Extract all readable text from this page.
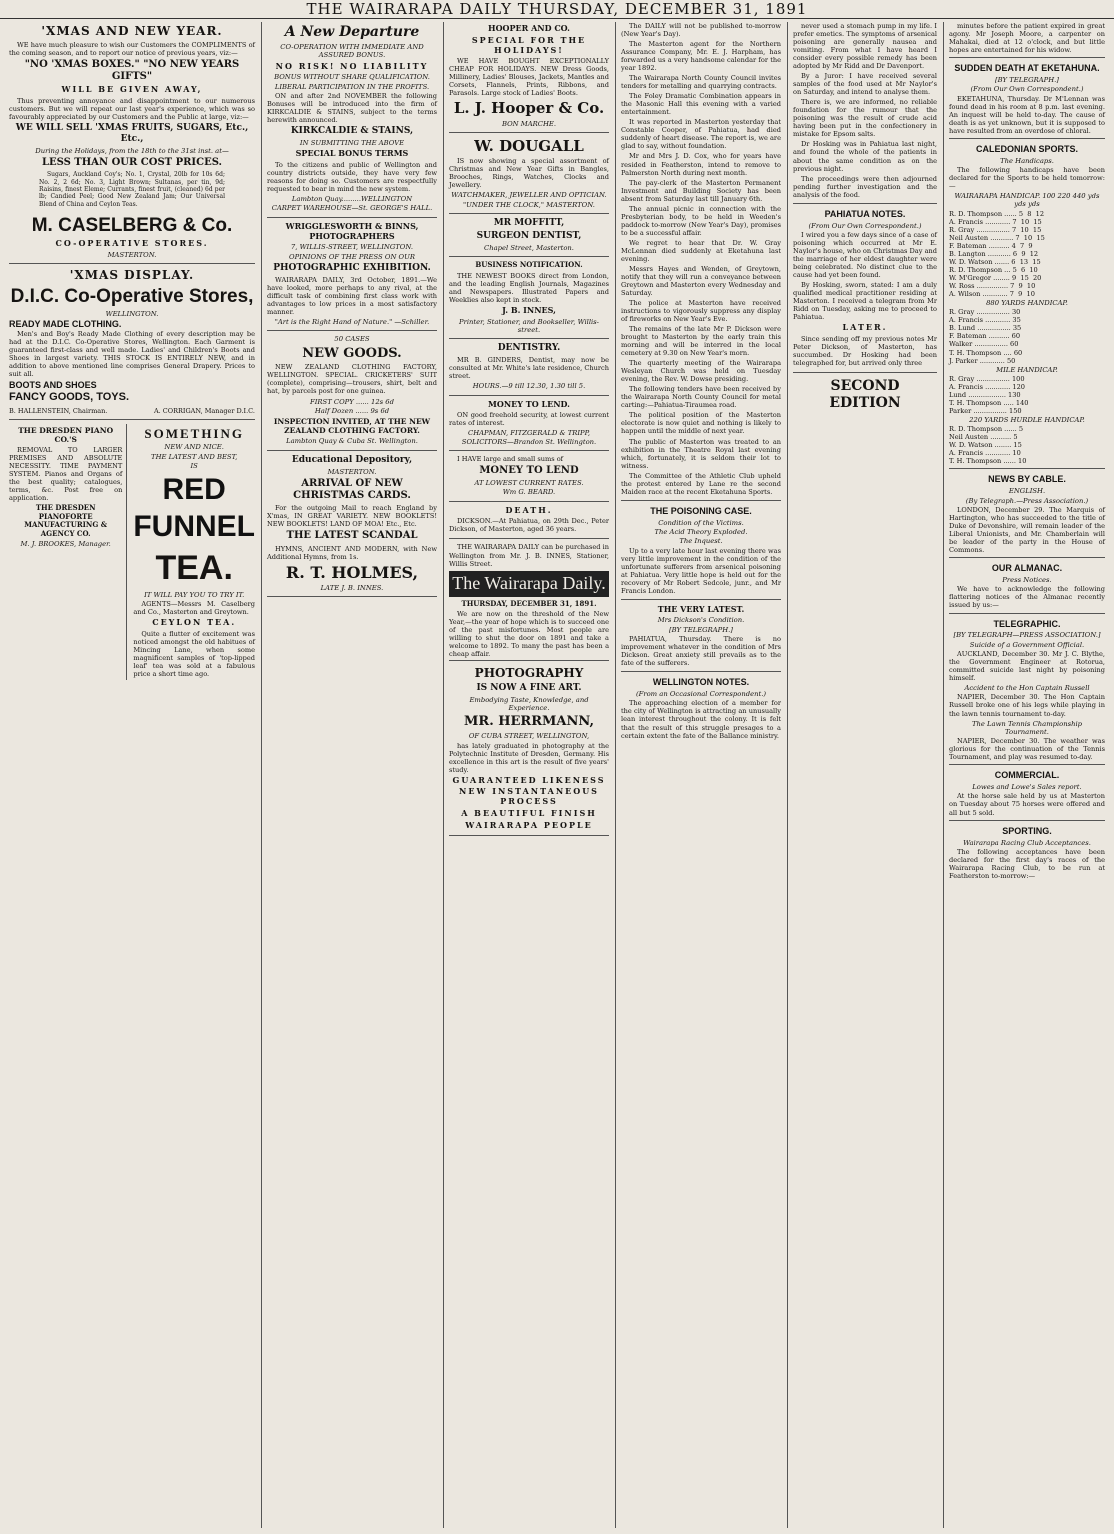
THE WAIRARAPA DAILY THURSDAY, DECEMBER 31, 1891
'XMAS AND NEW YEAR.

WE have much pleasure to wish our Customers the COMPLIMENTS of the coming season, and to report our notice of previous years, viz:—

"NO 'XMAS BOXES." "NO NEW YEARS GIFTS"
WILL BE GIVEN AWAY,

Thus preventing annoyance and disappointment to our numerous customers. But we will repeat our last year's experience, which was so favourably appreciated by our Customers and the Public at large, viz:—

WE WILL SELL 'XMAS FRUITS, SUGARS, Etc., Etc.,
During the Holidays, from the 18th to the 31st inst. at—
LESS THAN OUR COST PRICES.

Sugars, Auckland Coy's; No. 1, Crystal, 20lb for 10s 6d; No. 2, 2 6d; No. 3, Light Brown; Sultanas, per tin, 9d; Raisins, finest Eleme; Currants, finest fruit, (cleaned) 6d per lb; Candied Peel; Good New Zealand Jam; Our Universal Blend of China and Ceylon Teas.

M. CASELBERG & Co.
CO-OPERATIVE STORES.
MASTERTON.
'XMAS DISPLAY.
D.I.C. Co-Operative Stores,
WELLINGTON.
READY MADE CLOTHING.

Men's and Boy's Ready Made Clothing of every description may be had at the D.I.C. Co-Operative Stores, Wellington. Each Garment is guaranteed first-class and well made. Ladies' and Children's Boots and Shoes in largest variety. THIS STOCK IS ENTIRELY NEW, and in addition to above mentioned line comprises General Drapery. Prices to suit all.

BOOTS AND SHOES
FANCY GOODS, TOYS.
B. HALLENSTEIN, Chairman.	A. CORRIGAN, Manager D.I.C.
THE DRESDEN PIANO CO.'S

REMOVAL TO LARGER PREMISES AND ABSOLUTE NECESSITY. TIME PAYMENT SYSTEM. Pianos and Organs of the best quality; catalogues, terms, &c. Post free on application.

THE DRESDEN PIANOFORTE MANUFACTURING & AGENCY CO.
M. J. BROOKES, Manager.
SOMETHING
NEW AND NICE.
THE LATEST AND BEST,
IS
RED FUNNEL
TEA.
IT WILL PAY YOU TO TRY IT.

AGENTS—Messrs M. Caselberg and Co., Masterton and Greytown.

CEYLON TEA.

Quite a flutter of excitement was noticed amongst the old habitues of Mincing Lane, when some magnificent samples of 'top-lipped leaf' tea was sold at a fabulous price a short time ago.

A New Departure
CO-OPERATION WITH IMMEDIATE AND ASSURED BONUS.
NO RISK! NO LIABILITY
BONUS WITHOUT SHARE QUALIFICATION.
LIBERAL PARTICIPATION IN THE PROFITS.

ON and after 2nd NOVEMBER the following Bonuses will be introduced into the firm of KIRKCALDIE & STAINS, subject to the terms herewith announced.

KIRKCALDIE & STAINS,
IN SUBMITTING THE ABOVE
SPECIAL BONUS TERMS

To the citizens and public of Wellington and country districts outside, they have very few reasons for doing so. Customers are respectfully requested to bear in mind the new system.

Lambton Quay.........WELLINGTON
CARPET WAREHOUSE—St. GEORGE'S HALL.
WRIGGLESWORTH & BINNS, PHOTOGRAPHERS
7, WILLIS-STREET, WELLINGTON.
OPINIONS OF THE PRESS ON OUR
PHOTOGRAPHIC EXHIBITION.

WAIRARAPA DAILY, 3rd October, 1891.—We have looked, more perhaps to any rival, at the difficult task of combining first class work with advantages to low prices in a most satisfactory manner.

"Art is the Right Hand of Nature." —Schiller.
50 CASES
NEW GOODS.

NEW ZEALAND CLOTHING FACTORY, WELLINGTON. SPECIAL. CRICKETERS' SUIT (complete), comprising—trousers, shirt, belt and hat, by parcels post for one guinea.

FIRST COPY ...... 12s 6d
Half Dozen ...... 9s 6d
INSPECTION INVITED, AT THE NEW ZEALAND CLOTHING FACTORY.
Lambton Quay & Cuba St. Wellington.
Educational Depository,
MASTERTON.
ARRIVAL OF NEW CHRISTMAS CARDS.

For the outgoing Mail to reach England by X'mas, IN GREAT VARIETY. NEW BOOKLETS! NEW BOOKLETS! LAND OF MOA! Etc., Etc.

THE LATEST SCANDAL

HYMNS, ANCIENT AND MODERN, with New Additional Hymns, from 1s.

R. T. HOLMES,
LATE J. B. INNES.
HOOPER AND CO.
SPECIAL FOR THE HOLIDAYS!

WE HAVE BOUGHT EXCEPTIONALLY CHEAP FOR HOLIDAYS. NEW Dress Goods, Millinery, Ladies' Blouses, Jackets, Mantles and Corsets, Flannels, Prints, Ribbons, and Parasols. Large stock of Ladies' Boots.

L. J. Hooper & Co.
BON MARCHE.
W. DOUGALL

IS now showing a special assortment of Christmas and New Year Gifts in Bangles, Brooches, Rings, Watches, Clocks and Jewellery.

WATCHMAKER, JEWELLER AND OPTICIAN.
"UNDER THE CLOCK," MASTERTON.
MR MOFFITT,
SURGEON DENTIST,
Chapel Street, Masterton.
BUSINESS NOTIFICATION.

THE NEWEST BOOKS direct from London, and the leading English Journals, Magazines and Newspapers. Illustrated Papers and Weeklies also kept in stock.

J. B. INNES,
Printer, Stationer, and Bookseller, Willis-street.
DENTISTRY.

MR B. GINDERS, Dentist, may now be consulted at Mr. White's late residence, Church street.

HOURS.—9 till 12.30, 1.30 till 5.
MONEY TO LEND.

ON good freehold security, at lowest current rates of interest.

CHAPMAN, FITZGERALD & TRIPP, SOLICITORS—Brandon St. Wellington.

I HAVE large and small sums of

MONEY TO LEND
AT LOWEST CURRENT RATES.
Wm G. BEARD.
DEATH.

DICKSON.—At Pahiatua, on 29th Dec., Peter Dickson, of Masterton, aged 36 years.

THE WAIRARAPA DAILY can be purchased in Wellington from Mr. J. B. INNES, Stationer, Willis Street.

The Wairarapa Daily.
THURSDAY, DECEMBER 31, 1891.

We are now on the threshold of the New Year,—the year of hope which is to succeed one of the past misfortunes. Most people are willing to shut the door on 1891 and take a welcome to 1892. To many the past has been a cheap affair.

PHOTOGRAPHY
IS NOW A FINE ART.
Embodying Taste, Knowledge, and Experience.
MR. HERRMANN,
OF CUBA STREET, WELLINGTON,

has lately graduated in photography at the Polytechnic Institute of Dresden, Germany. His excellence in this art is the result of five years' study.

GUARANTEED LIKENESS
NEW INSTANTANEOUS PROCESS
A BEAUTIFUL FINISH
WAIRARAPA PEOPLE

The DAILY will not be published to-morrow (New Year's Day).

The Masterton agent for the Northern Assurance Company, Mr. E. J. Harpham, has forwarded us a very handsome calendar for the year 1892.

The Wairarapa North County Council invites tenders for metalling and quarrying contracts.

The Foley Dramatic Combination appears in the Masonic Hall this evening with a varied entertainment.

It was reported in Masterton yesterday that Constable Cooper, of Pahiatua, had died suddenly of heart disease. The report is, we are glad to say, without foundation.

Mr and Mrs J. D. Cox, who for years have resided in Featherston, intend to remove to Palmerston North during next month.

The pay-clerk of the Masterton Permanent Investment and Building Society has been absent from Saturday last till January 6th.

The annual picnic in connection with the Presbyterian body, to be held in Weeden's paddock to-morrow (New Year's Day), promises to be a successful affair.

We regret to hear that Dr. W. Gray McLennan died suddenly at Eketahuna last evening.

Messrs Hayes and Wenden, of Greytown, notify that they will run a conveyance between Greytown and Masterton every Wednesday and Saturday.

The police at Masterton have received instructions to vigorously suppress any display of fireworks on New Year's Eve.

The remains of the late Mr P. Dickson were brought to Masterton by the early train this morning and will be interred in the local cemetery at 9.30 on New Year's morn.

The quarterly meeting of the Wairarapa Wesleyan Church was held on Tuesday evening, the Rev. W. Dowse presiding.

The following tenders have been received by the Wairarapa North County Council for metal carting:—Pahiatua-Tiraumea road.

The political position of the Masterton electorate is now quiet and nothing is likely to happen until the middle of next year.

The public of Masterton was treated to an exhibition in the Theatre Royal last evening which, fortunately, it is seldom their lot to witness.

The Committee of the Athletic Club upheld the protest entered by Lane re the second Maiden race at the recent Eketahuna Sports.

THE POISONING CASE.
Condition of the Victims.
The Acid Theory Exploded.
The Inquest.

Up to a very late hour last evening there was very little improvement in the condition of the unfortunate sufferers from arsenical poisoning at Pahiatua. Very little hope is held out for the recovery of Mr Robert Sedcole, junr., and Mr Francis London.

THE VERY LATEST.
Mrs Dickson's Condition.
[BY TELEGRAPH.]

PAHIATUA, Thursday. There is no improvement whatever in the condition of Mrs Dickson. Great anxiety still prevails as to the fate of the sufferers.

WELLINGTON NOTES.
(From an Occasional Correspondent.)

The approaching election of a member for the city of Wellington is attracting an unusually lean interest throughout the colony. It is felt that the result of this struggle presages to a certain extent the fate of the Ballance ministry.

never used a stomach pump in my life. I prefer emetics. The symptoms of arsenical poisoning are generally nausea and vomiting. From what I have heard I consider every possible remedy has been adopted by Mr Ridd and Dr Davenport.

By a Juror: I have received several samples of the food used at Mr Naylor's on Saturday, and intend to analyse them.

There is, we are informed, no reliable foundation for the rumour that the poisoning was the result of crude acid having been put in the confectionery in mistake for Epsom salts.

Dr Hosking was in Pahiatua last night, and found the whole of the patients in about the same condition as on the previous night.

The proceedings were then adjourned pending further investigation and the analysis of the food.

PAHIATUA NOTES.
(From Our Own Correspondent.)

I wired you a few days since of a case of poisoning which occurred at Mr E. Naylor's house, who on Christmas Day and the marriage of her eldest daughter were being celebrated. No distinct clue to the cause had yet been found.

By Hosking, sworn, stated: I am a duly qualified medical practitioner residing at Masterton. I received a telegram from Mr Ridd on Tuesday, asking me to proceed to Pahiatua.

LATER.

Since sending off my previous notes Mr Peter Dickson, of Masterton, has succumbed. Dr Hosking had been telegraphed for, but arrived only three

SECOND EDITION

minutes before the patient expired in great agony. Mr Joseph Moore, a carpenter on Mahakai, died at 12 o'clock, and but little hopes are entertained for his widow.

SUDDEN DEATH AT EKETAHUNA.
[BY TELEGRAPH.]
(From Our Own Correspondent.)

EKETAHUNA, Thursday. Dr M'Lennan was found dead in his room at 8 p.m. last evening. An inquest will be held to-day. The cause of death is as yet unknown, but it is supposed to have resulted from an overdose of chloral.

CALEDONIAN SPORTS.
The Handicaps.

The following handicaps have been declared for the Sports to be held tomorrow:—

WAIRARAPA HANDICAP. 100 220 440 yds yds yds
R. D. Thompson ...... 5  8  12
A. Francis ............ 7  10  15
R. Gray ................ 7  10  15
Neil Austen ........... 7  10  15
F. Bateman .......... 4  7  9
B. Langton ........... 6  9  12
W. D. Watson ....... 6  13  15
R. D. Thompson ... 5  6  10
W. M'Gregor ........ 9  15  20
W. Ross ............... 7  9  10
A. Wilson ............ 7  9  10
880 YARDS HANDICAP.
R. Gray ................ 30
A. Francis ............ 35
B. Lund ................ 35
F. Bateman .......... 60
Walker ................ 60
T. H. Thompson .... 60
J. Parker ............ 50
MILE HANDICAP.
R. Gray ................ 100
A. Francis ............ 120
Lund .................. 130
T. H. Thompson ..... 140
Parker ................ 150
220 YARDS HURDLE HANDICAP.
R. D. Thompson ...... 5
Neil Austen .......... 5
W. D. Watson ........ 15
A. Francis ............ 10
T. H. Thompson ...... 10
NEWS BY CABLE.
ENGLISH.
(By Telegraph.—Press Association.)

LONDON, December 29. The Marquis of Hartington, who has succeeded to the title of Duke of Devonshire, will remain leader of the Liberal Unionists, and Mr. Chamberlain will be leader of the party in the House of Commons.

OUR ALMANAC.
Press Notices.

We have to acknowledge the following flattering notices of the Almanac recently issued by us:—

TELEGRAPHIC.
[BY TELEGRAPH—PRESS ASSOCIATION.]
Suicide of a Government Official.

AUCKLAND, December 30. Mr J. C. Blythe, the Government Engineer at Rotorua, committed suicide last night by poisoning himself.

Accident to the Hon Captain Russell

NAPIER, December 30. The Hon Captain Russell broke one of his legs while playing in the lawn tennis tournament to-day.

The Lawn Tennis Championship Tournament.

NAPIER, December 30. The weather was glorious for the continuation of the Tennis Tournament, and play was resumed to-day.

COMMERCIAL.
Lowes and Lowe's Sales report.

At the horse sale held by us at Masterton on Tuesday about 75 horses were offered and all but 5 sold.

SPORTING.
Wairarapa Racing Club Acceptances.

The following acceptances have been declared for the first day's races of the Wairarapa Racing Club, to be run at Featherston to-morrow:—
